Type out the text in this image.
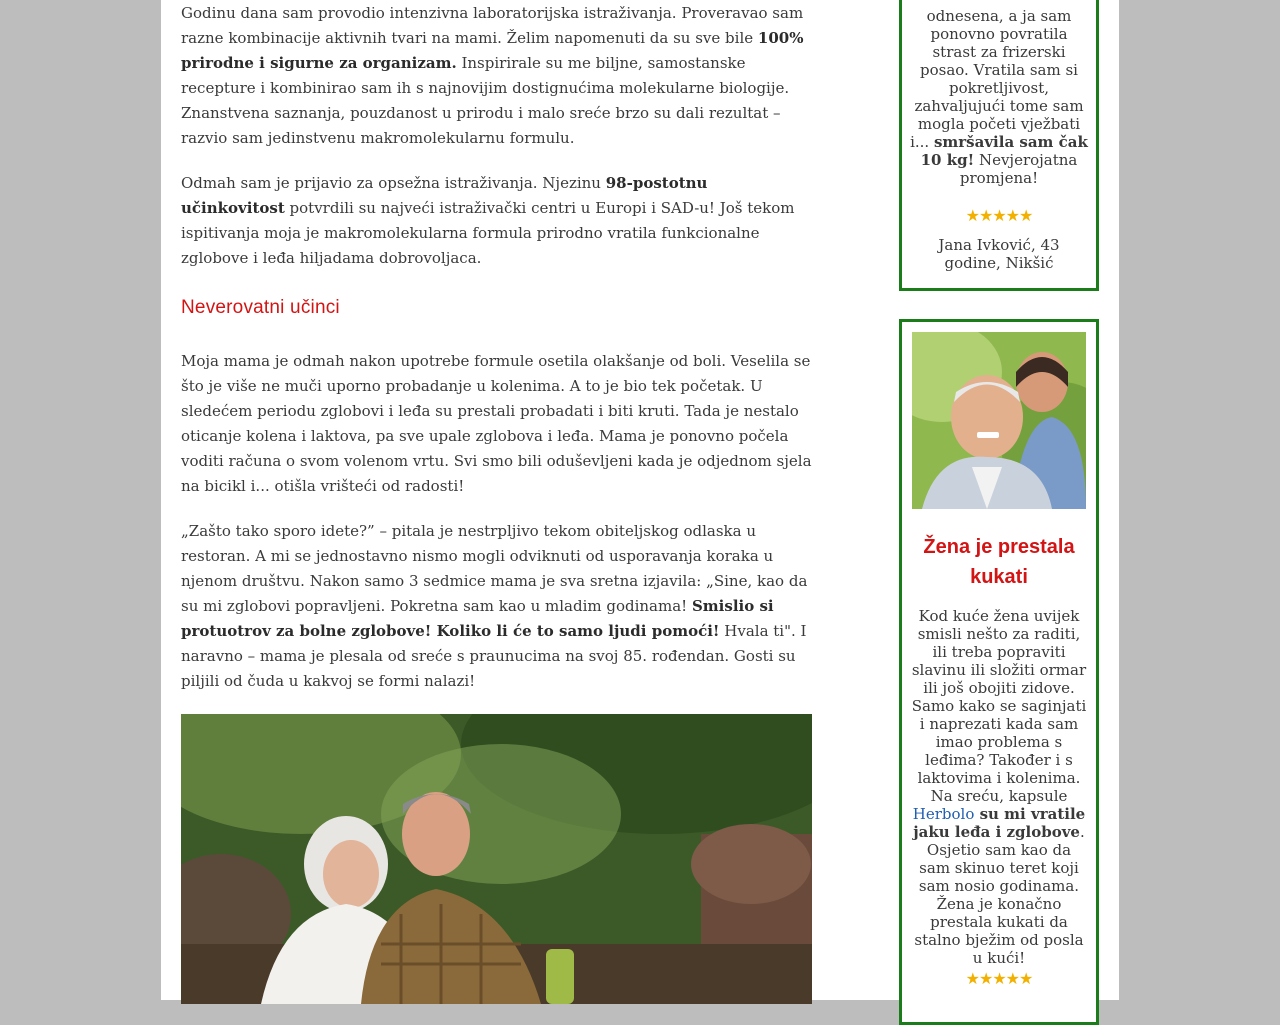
Godinu dana sam provodio intenzivna laboratorijska istraživanja. Proveravao sam razne kombinacije aktivnih tvari na mami. Želim napomenuti da su sve bile 100% prirodne i sigurne za organizam. Inspirirale su me biljne, samostanske recepture i kombinirao sam ih s najnovijim dostignućima molekularne biologije. Znanstvena saznanja, pouzdanost u prirodu i malo sreće brzo su dali rezultat – razvio sam jedinstvenu makromolekularnu formulu.

Odmah sam je prijavio za opsežna istraživanja. Njezinu 98-postotnu učinkovitost potvrdili su najveći istraživački centri u Europi i SAD-u! Još tekom ispitivanja moja je makromolekularna formula prirodno vratila funkcionalne zglobove i leđa hiljadama dobrovoljaca.

Neverovatni učinci

Moja mama je odmah nakon upotrebe formule osetila olakšanje od boli. Veselila se što je više ne muči uporno probadanje u kolenima. A to je bio tek početak. U sledećem periodu zglobovi i leđa su prestali probadati i biti kruti. Tada je nestalo oticanje kolena i laktova, pa sve upale zglobova i leđa. Mama je ponovno počela voditi računa o svom volenom vrtu. Svi smo bili oduševljeni kada je odjednom sjela na bicikl i... otišla vrišteći od radosti!

„Zašto tako sporo idete?” – pitala je nestrpljivo tekom obiteljskog odlaska u restoran. A mi se jednostavno nismo mogli odviknuti od usporavanja koraka u njenom društvu. Nakon samo 3 sedmice mama je sva sretna izjavila: „Sine, kao da su mi zglobovi popravljeni. Pokretna sam kao u mladim godinama! Smislio si protuotrov za bolne zglobove! Koliko li će to samo ljudi pomoći! Hvala ti". I naravno – mama je plesala od sreće s praunucima na svoj 85. rođendan. Gosti su piljili od čuda u kakvoj se formi nalazi!

odnesena, a ja sam ponovno povratila strast za frizerski posao. Vratila sam si pokretljivost, zahvaljujući tome sam mogla početi vježbati i... smršavila sam čak 10 kg! Nevjerojatna promjena!

★★★★★

Jana Ivković, 43 godine, Nikšić

Žena je prestala kukati

Kod kuće žena uvijek smisli nešto za raditi, ili treba popraviti slavinu ili složiti ormar ili još obojiti zidove. Samo kako se saginjati i naprezati kada sam imao problema s leđima? Također i s laktovima i kolenima. Na sreću, kapsule Herbolo su mi vratile jaku leđa i zglobove. Osjetio sam kao da sam skinuo teret koji sam nosio godinama. Žena je konačno prestala kukati da stalno bježim od posla u kući!

★★★★★
